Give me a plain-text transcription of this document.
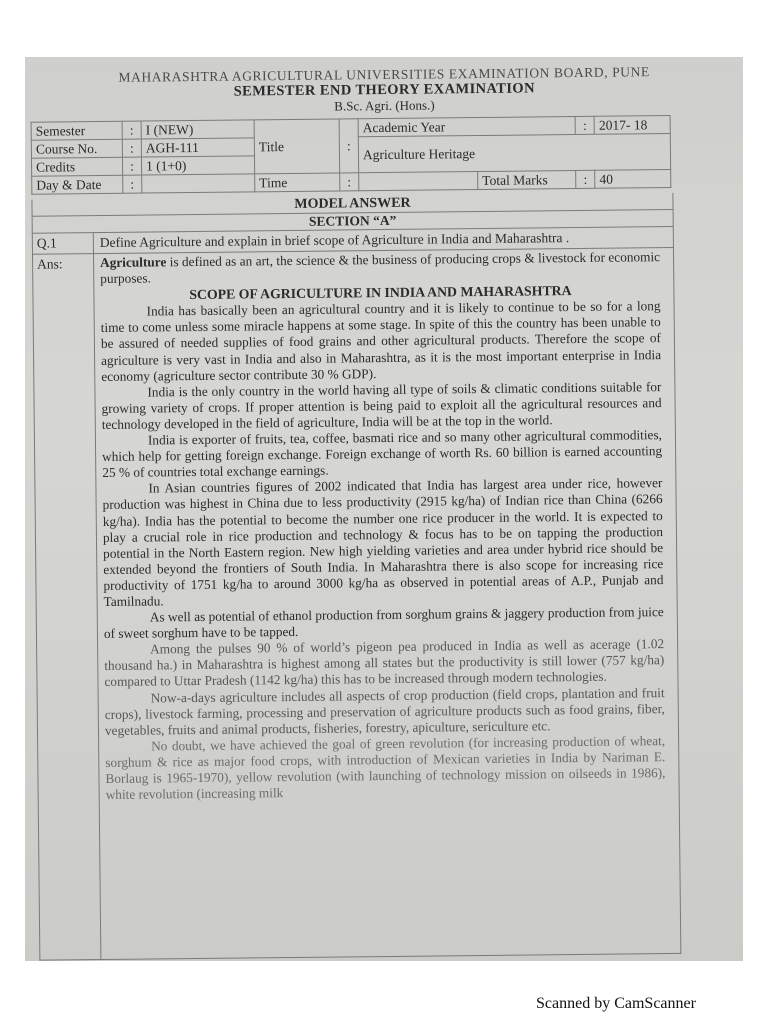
MAHARASHTRA AGRICULTURAL UNIVERSITIES EXAMINATION BOARD, PUNE
SEMESTER END THEORY EXAMINATION
B.Sc. Agri. (Hons.)
Semester	:	I (NEW)	Title	:	Academic Year		:	2017- 18
Course No.	:	AGH-111			Agriculture Heritage			
Credits	:	1 (1+0)						
Day & Date	:		Time	:		Total Marks	:	40
MODEL ANSWER
SECTION “A”
Q.1	Define Agriculture and explain in brief scope of Agriculture in India and Maharashtra .
Ans:	Agriculture is defined as an art, the science & the business of producing crops & livestock for economic purposes.

SCOPE OF AGRICULTURE IN INDIA AND MAHARASHTRA

India has basically been an agricultural country and it is likely to continue to be so for a long time to come unless some miracle happens at some stage. In spite of this the country has been unable to be assured of needed supplies of food grains and other agricultural products. Therefore the scope of agriculture is very vast in India and also in Maharashtra, as it is the most important enterprise in India economy (agriculture sector contribute 30 % GDP).

India is the only country in the world having all type of soils & climatic conditions suitable for growing variety of crops. If proper attention is being paid to exploit all the agricultural resources and technology developed in the field of agriculture, India will be at the top in the world.

India is exporter of fruits, tea, coffee, basmati rice and so many other agricultural commodities, which help for getting foreign exchange. Foreign exchange of worth Rs. 60 billion is earned accounting 25 % of countries total exchange earnings.

In Asian countries figures of 2002 indicated that India has largest area under rice, however production was highest in China due to less productivity (2915 kg/ha) of Indian rice than China (6266 kg/ha). India has the potential to become the number one rice producer in the world. It is expected to play a crucial role in rice production and technology & focus has to be on tapping the production potential in the North Eastern region. New high yielding varieties and area under hybrid rice should be extended beyond the frontiers of South India. In Maharashtra there is also scope for increasing rice productivity of 1751 kg/ha to around 3000 kg/ha as observed in potential areas of A.P., Punjab and Tamilnadu.

As well as potential of ethanol production from sorghum grains & jaggery production from juice of sweet sorghum have to be tapped.

Among the pulses 90 % of world’s pigeon pea produced in India as well as acerage (1.02 thousand ha.) in Maharashtra is highest among all states but the productivity is still lower (757 kg/ha) compared to Uttar Pradesh (1142 kg/ha) this has to be increased through modern technologies.

Now-a-days agriculture includes all aspects of crop production (field crops, plantation and fruit crops), livestock farming, processing and preservation of agriculture products such as food grains, fiber, vegetables, fruits and animal products, fisheries, forestry, apiculture, sericulture etc.

No doubt, we have achieved the goal of green revolution (for increasing production of wheat, sorghum & rice as major food crops, with introduction of Mexican varieties in India by Nariman E. Borlaug is 1965-1970), yellow revolution (with launching of technology mission on oilseeds in 1986), white revolution (increasing milk

Scanned by CamScanner
